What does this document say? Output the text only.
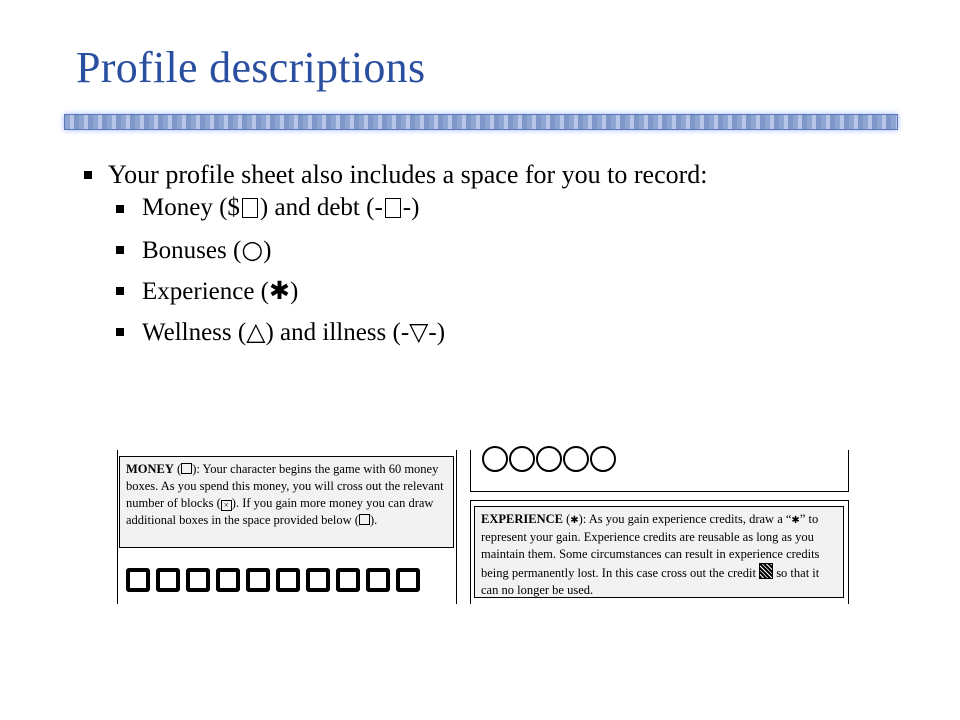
Profile descriptions
Your profile sheet also includes a space for you to record:
Money ($ ) and debt (- -)
Bonuses (○)
Experience (✱)
Wellness (△) and illness (-▽-)
MONEY ( ): Your character begins the game with 60 money boxes. As you spend this money, you will cross out the relevant number of blocks ( × ). If you gain more money you can draw additional boxes in the space provided below ( ).	EXPERIENCE (✱): As you gain experience credits, draw a “✱” to represent your gain. Experience credits are reusable as long as you maintain them. Some circumstances can result in experience credits being permanently lost. In this case cross out the credit  so that it can no longer be used.
